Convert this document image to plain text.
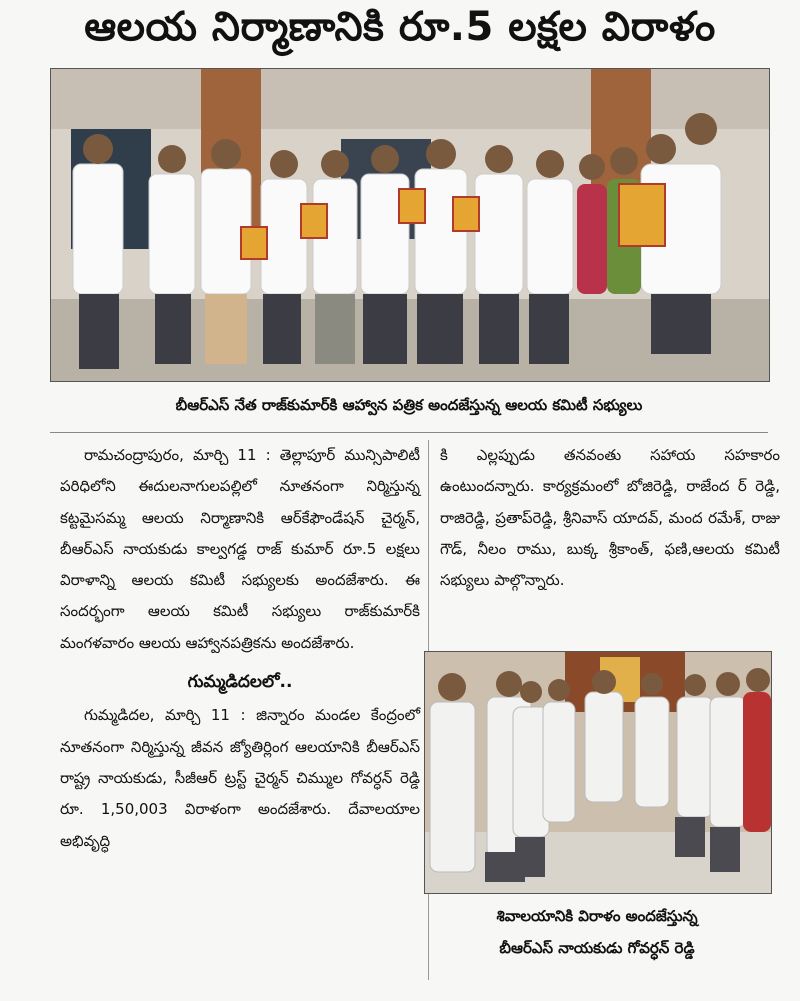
ఆలయ నిర్మాణానికి రూ.5 లక్షల విరాళం
బీఆర్ఎస్ నేత రాజ్‌కుమార్‌కి ఆహ్వాన పత్రిక అందజేస్తున్న ఆలయ కమిటీ సభ్యులు

రామచంద్రాపురం, మార్చి 11 : తెల్లాపూర్ మున్సిపాలిటీ పరిధిలోని ఈదులనాగులపల్లిలో నూతనంగా నిర్మిస్తున్న కట్టమైసమ్మ ఆలయ నిర్మాణానికి ఆర్‌కేఫౌండేషన్ చైర్మన్, బీఆర్ఎస్ నాయకుడు కాల్వగడ్డ రాజ్ కుమార్ రూ.5 లక్షలు విరాళాన్ని ఆలయ కమిటీ సభ్యులకు అందజేశారు. ఈ సందర్భంగా ఆలయ కమిటీ సభ్యులు రాజ్‌కుమార్‌కి మంగళవారం ఆలయ ఆహ్వానపత్రికను అందజేశారు.

గుమ్మడిదలలో..

గుమ్మడిదల, మార్చి 11 : జిన్నారం మండల కేంద్రంలో నూతనంగా నిర్మిస్తున్న జీవన జ్యోతిర్లింగ ఆలయానికి బీఆర్ఎస్ రాష్ట్ర నాయకుడు, సీజీఆర్ ట్రస్ట్ చైర్మన్ చిమ్ముల గోవర్ధన్ రెడ్డి రూ. 1,50,003 విరాళంగా అందజేశారు. దేవాలయాల అభివృద్ధి

కి ఎల్లప్పుడు తనవంతు సహాయ సహకారం ఉంటుందన్నారు. కార్యక్రమంలో బోజిరెడ్డి, రాజేంద ర్ రెడ్డి, రాజిరెడ్డి, ప్రతాప్‌రెడ్డి, శ్రీనివాస్ యాదవ్, మంద రమేశ్, రాజు గౌడ్, నీలం రాము, బుక్క శ్రీకాంత్, ఫణి,ఆలయ కమిటీ సభ్యులు పాల్గొన్నారు.

శివాలయానికి విరాళం అందజేస్తున్న
బీఆర్ఎస్ నాయకుడు గోవర్ధన్ రెడ్డి
